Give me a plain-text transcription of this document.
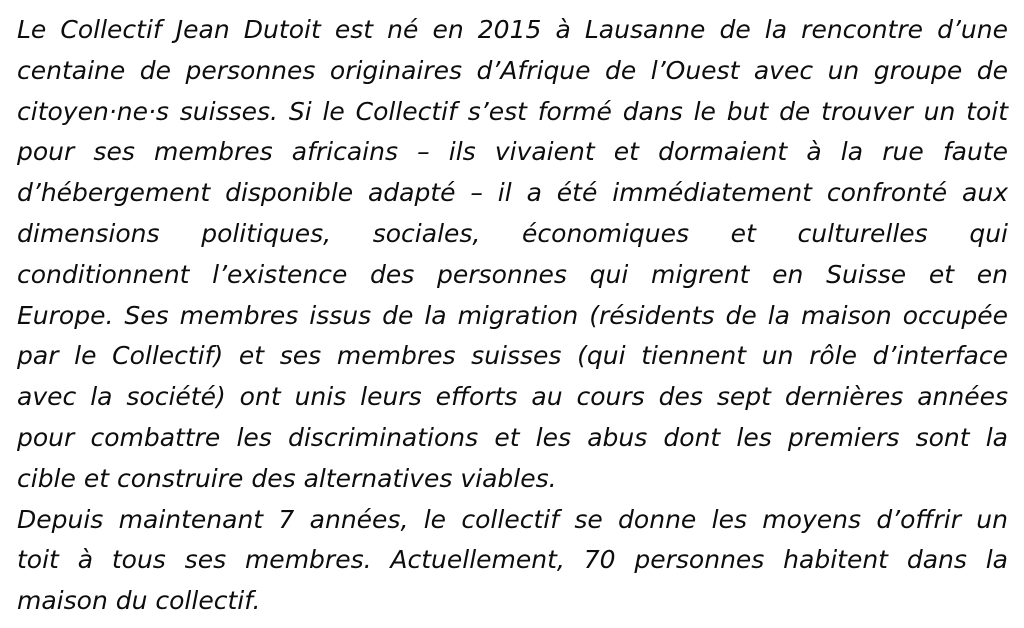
Le Collectif Jean Dutoit est né en 2015 à Lausanne de la rencontre d’une
centaine de personnes originaires d’Afrique de l’Ouest avec un groupe de
citoyen·ne·s suisses. Si le Collectif s’est formé dans le but de trouver un toit
pour ses membres africains – ils vivaient et dormaient à la rue faute
d’hébergement disponible adapté – il a été immédiatement confronté aux
dimensions politiques, sociales, économiques et culturelles qui
conditionnent l’existence des personnes qui migrent en Suisse et en
Europe. Ses membres issus de la migration (résidents de la maison occupée
par le Collectif) et ses membres suisses (qui tiennent un rôle d’interface
avec la société) ont unis leurs efforts au cours des sept dernières années
pour combattre les discriminations et les abus dont les premiers sont la
cible et construire des alternatives viables.
Depuis maintenant 7 années, le collectif se donne les moyens d’offrir un
toit à tous ses membres. Actuellement, 70 personnes habitent dans la
maison du collectif.
